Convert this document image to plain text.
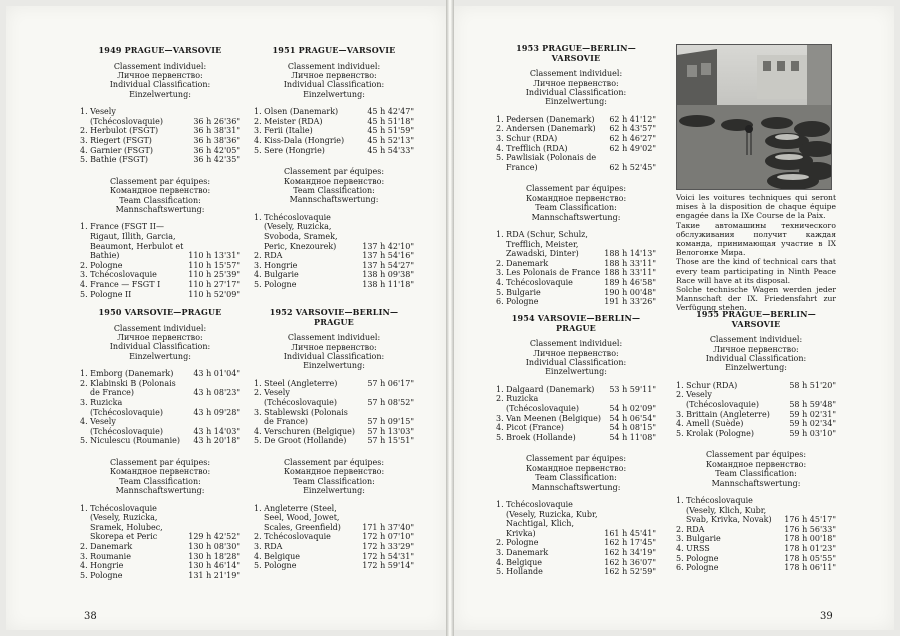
1949 PRAGUE—VARSOVIE
Classement individuel:
Личное первенство:
Individual Classification:
Einzelwertung:
1. Vesely (Tchécoslovaquie)	36 h 26'36"
2. Herbulot (FSGT)	36 h 38'31"
3. Riegert (FSGT)	36 h 38'36"
4. Garnier (FSGT)	36 h 42'05"
5. Bathie (FSGT)	36 h 42'35"
Classement par équipes:
Командное первенство:
Team Classification:
Mannschaftswertung:
1. France (FSGT II—Rigaut, Illith, Garcia, Beaumont, Herbulot et Bathie)	110 h 13'31"
2. Pologne	110 h 15'57"
3. Tchécoslovaquie	110 h 25'39"
4. France — FSGT I	110 h 27'17"
5. Pologne II	110 h 52'09"
1950 VARSOVIE—PRAGUE
Classement individuel:
Личное первенство:
Individual Classification:
Einzelwertung:
1. Emborg (Danemark)	43 h 01'04"
2. Klabinski B (Polonais de France)	43 h 08'23"
3. Ruzicka (Tchécoslovaquie)	43 h 09'28"
4. Vesely (Tchécoslovaquie)	43 h 14'03"
5. Niculescu (Roumanie)	43 h 20'18"
Classement par équipes:
Командное первенство:
Team Classification:
Mannschaftswertung:
1. Tchécoslovaquie (Vesely, Ruzicka, Sramek, Holubec, Skorepa et Peric	129 h 42'52"
2. Danemark	130 h 08'30"
3. Roumanie	130 h 18'28"
4. Hongrie	130 h 46'14"
5. Pologne	131 h 21'19"
1951 PRAGUE—VARSOVIE
Classement individuel:
Личное первенство:
Individual Classification:
Einzelwertung:
1. Olsen (Danemark)	45 h 42'47"
2. Meister (RDA)	45 h 51'18"
3. Ferii (Italie)	45 h 51'59"
4. Kiss-Dala (Hongrie)	45 h 52'13"
5. Sere (Hongrie)	45 h 54'33"
Classement par équipes:
Командное первенство:
Team Classification:
Mannschaftswertung:
1. Tchécoslovaquie (Vesely, Ruzicka, Svoboda, Sramek, Peric, Knezourek)	137 h 42'10"
2. RDA	137 h 54'16"
3. Hongrie	137 h 54'27"
4. Bulgarie	138 h 09'38"
5. Pologne	138 h 11'18"
1952 VARSOVIE—BERLIN—PRAGUE
Classement individuel:
Личное первенство:
Individual Classification:
Einzelwertung:
1. Steel (Angleterre)	57 h 06'17"
2. Vesely (Tchécoslovaquie)	57 h 08'52"
3. Stablewski (Polonais de France)	57 h 09'15"
4. Verschuren (Belgique)	57 h 13'03"
5. De Groot (Hollande)	57 h 15'51"
Classement par équipes:
Командное первенство:
Team Classification:
Einzelwertung:
1. Angleterre (Steel, Seel, Wood, Jowet, Scales, Greenfield)	171 h 37'40"
2. Tchécoslovaquie	172 h 07'10"
3. RDA	172 h 33'29"
4. Belgique	172 h 54'31"
5. Pologne	172 h 59'14"
38
1953 PRAGUE—BERLIN—VARSOVIE
Classement individuel:
Личное первенство:
Individual Classification:
Einzelwertung:
1. Pedersen (Danemark)	62 h 41'12"
2. Andersen (Danemark)	62 h 43'57"
3. Schur (RDA)	62 h 46'27"
4. Trefflich (RDA)	62 h 49'02"
5. Pawlisiak (Polonais de France)	62 h 52'45"
Classement par équipes:
Командное первенство:
Team Classification:
Mannschaftswertung:
1. RDA (Schur, Schulz, Trefflich, Meister, Zawadski, Dinter)	188 h 14'13"
2. Danemark	188 h 33'11"
3. Les Polonais de France 188 h 33'11"
4. Tchécoslovaquie	189 h 46'58"
5. Bulgarie	190 h 00'48"
6. Pologne	191 h 33'26"
1954 VARSOVIE—BERLIN—PRAGUE
Classement individuel:
Личное первенство:
Individual Classification:
Einzelwertung:
1. Dalgaard (Danemark)	53 h 59'11"
2. Ruzicka (Tchécoslovaquie)	54 h 02'09"
3. Van Meenen (Belgique)	54 h 06'54"
4. Picot (France)	54 h 08'15"
5. Broek (Hollande)	54 h 11'08"
Classement par équipes:
Командное первенство:
Team Classification:
Mannschaftswertung:
1. Tchécoslovaquie (Vesely, Ruzicka, Kubr, Nachtigal, Klich, Krivka)	161 h 45'41"
2. Pologne	162 h 17'45"
3. Danemark	162 h 34'19"
4. Belgique	162 h 36'07"
5. Hollande	162 h 52'59"
1955 PRAGUE—BERLIN—VARSOVIE
Classement individuel:
Личное первенство:
Individual Classification:
Einzelwertung:
1. Schur (RDA)	58 h 51'20"
2. Vesely (Tchécoslovaquie)	58 h 59'48"
3. Brittain (Angleterre)	59 h 02'31"
4. Amell (Suède)	59 h 02'34"
5. Krolak (Pologne)	59 h 03'10"
Classement par équipes:
Командное первенство:
Team Classification:
Mannschaftswertung:
1. Tchécoslovaquie (Vesely, Klich, Kubr, Svab, Krivka, Novak)	176 h 45'17"
2. RDA	176 h 56'33"
3. Bulgarie	178 h 00'18"
4. URSS	178 h 01'23"
5. Pologne	178 h 05'55"
6. Pologne	178 h 06'11"
Voici les voitures techniques qui seront mises à la disposition de chaque équipe engagée dans la IXe Course de la Paix.
Такие автомашины технического обслуживания получит каждая команда, принимающая участие в IX Велогонке Мира.
Those are the kind of technical cars that every team participating in Ninth Peace Race will have at its disposal.
Solche technische Wagen werden jeder Mannschaft der IX. Friedensfahrt zur Verfügung stehen.
39
